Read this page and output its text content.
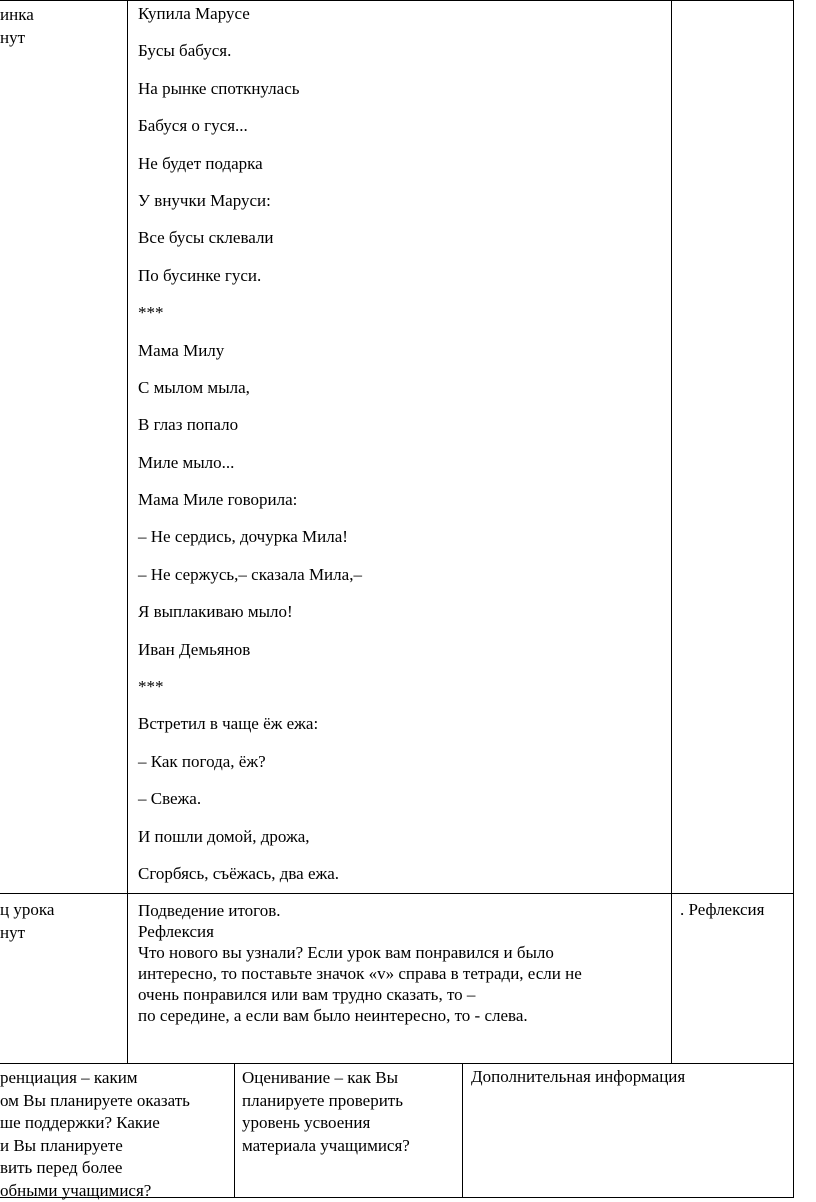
инка
нут
Купила Марусе
Бусы бабуся.
На рынке споткнулась
Бабуся о гуся...
Не будет подарка
У внучки Маруси:
Все бусы склевали
По бусинке гуси.
***
Мама Милу
С мылом мыла,
В глаз попало
Миле мыло...
Мама Миле говорила:
– Не сердись, дочурка Мила!
– Не сержусь,– сказала Мила,–
Я выплакиваю мыло!
Иван Демьянов
***
Встретил в чаще ёж ежа:
– Как погода, ёж?
– Свежа.
И пошли домой, дрожа,
Сгорбясь, съёжась, два ежа.
ц урока
нут
Подведение итогов.
Рефлексия
Что нового вы узнали? Если урок вам понравился и было
интересно, то поставьте значок «v» справа в тетради, если не
очень понравился или вам трудно сказать, то –
по середине, а если вам было неинтересно, то - слева.
. Рефлексия
ренциация – каким
ом Вы планируете оказать
ше поддержки? Какие
и Вы планируете
вить перед более
обными учащимися?
Оценивание – как Вы
планируете проверить
уровень усвоения
материала учащимися?
Дополнительная информация
